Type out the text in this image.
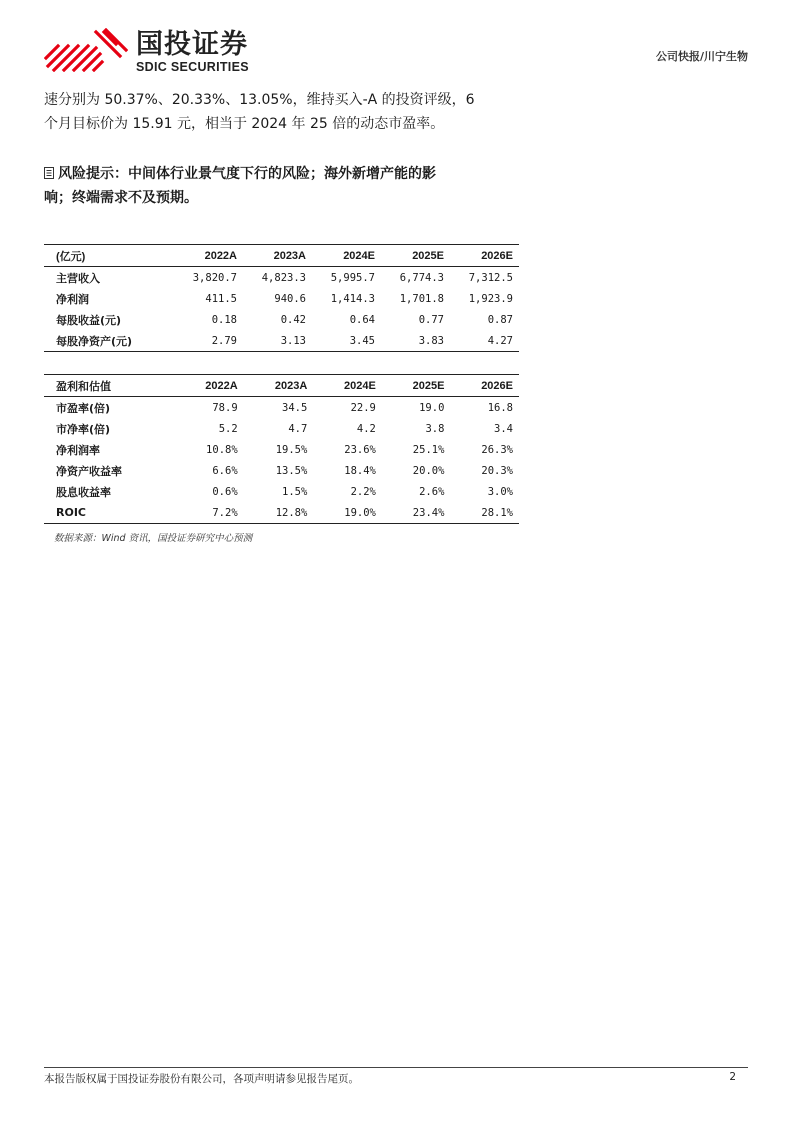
国投证券
SDIC SECURITIES
公司快报/川宁生物
速分别为 50.37%、20.33%、13.05%，维持买入-A 的投资评级，6
个月目标价为 15.91 元，相当于 2024 年 25 倍的动态市盈率。
风险提示：中间体行业景气度下行的风险；海外新增产能的影
响；终端需求不及预期。
(亿元)	2022A	2023A	2024E	2025E	2026E
主营收入	3,820.7	4,823.3	5,995.7	6,774.3	7,312.5
净利润	411.5	940.6	1,414.3	1,701.8	1,923.9
每股收益(元)	0.18	0.42	0.64	0.77	0.87
每股净资产(元)	2.79	3.13	3.45	3.83	4.27
盈利和估值	2022A	2023A	2024E	2025E	2026E
市盈率(倍)	78.9	34.5	22.9	19.0	16.8
市净率(倍)	5.2	4.7	4.2	3.8	3.4
净利润率	10.8%	19.5%	23.6%	25.1%	26.3%
净资产收益率	6.6%	13.5%	18.4%	20.0%	20.3%
股息收益率	0.6%	1.5%	2.2%	2.6%	3.0%
ROIC	7.2%	12.8%	19.0%	23.4%	28.1%
数据来源：Wind 资讯，国投证券研究中心预测
本报告版权属于国投证券股份有限公司，各项声明请参见报告尾页。	2
